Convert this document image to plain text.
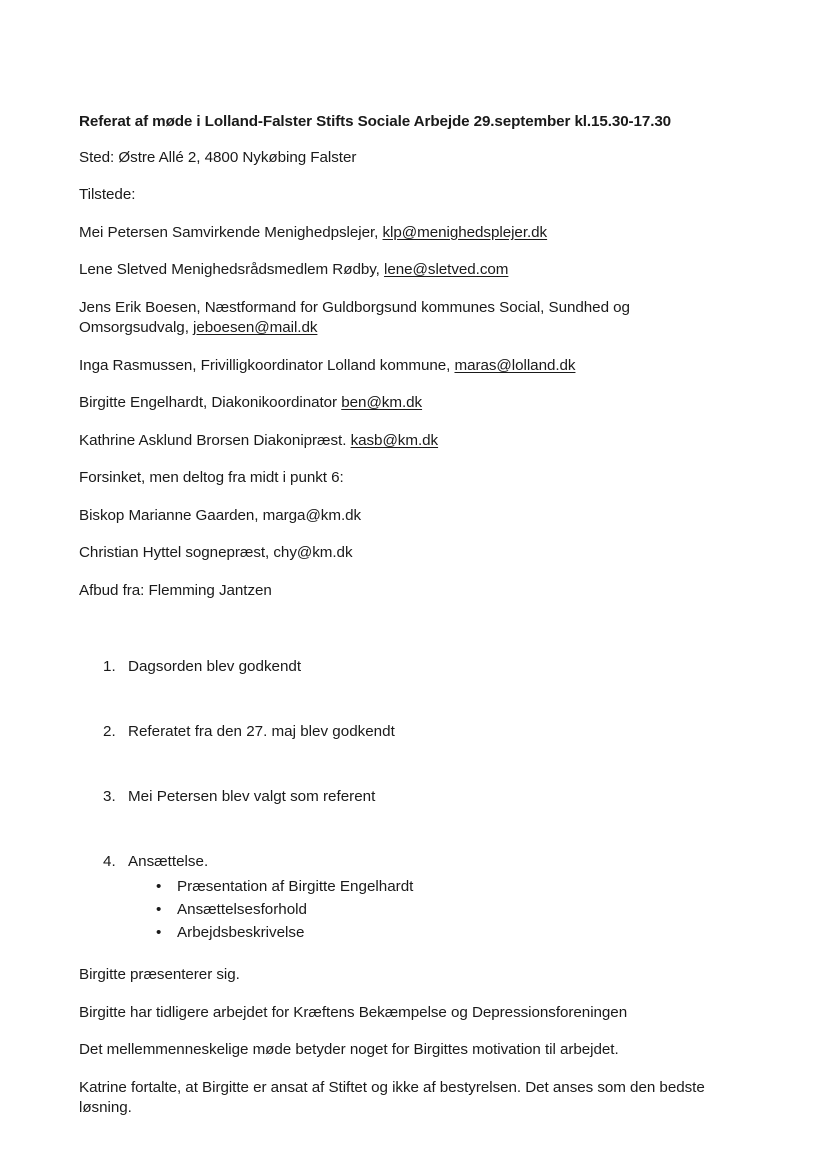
Referat af møde i Lolland-Falster Stifts Sociale Arbejde 29.september kl.15.30-17.30

Sted: Østre Allé 2, 4800 Nykøbing Falster

Tilstede:

Mei Petersen Samvirkende Menighedpslejer, klp@menighedsplejer.dk

Lene Sletved Menighedsrådsmedlem Rødby, lene@sletved.com

Jens Erik Boesen, Næstformand for Guldborgsund kommunes Social, Sundhed og Omsorgsudvalg, jeboesen@mail.dk

Inga Rasmussen, Frivilligkoordinator Lolland kommune, maras@lolland.dk

Birgitte Engelhardt, Diakonikoordinator ben@km.dk

Kathrine Asklund Brorsen Diakonipræst. kasb@km.dk

Forsinket, men deltog fra midt i punkt 6:

Biskop Marianne Gaarden, marga@km.dk

Christian Hyttel sognepræst, chy@km.dk

Afbud fra: Flemming Jantzen

1. Dagsorden blev godkendt
2. Referatet fra den 27. maj blev godkendt
3. Mei Petersen blev valgt som referent
4. Ansættelse.
• Præsentation af Birgitte Engelhardt
• Ansættelsesforhold
• Arbejdsbeskrivelse

Birgitte præsenterer sig.

Birgitte har tidligere arbejdet for Kræftens Bekæmpelse og Depressionsforeningen

Det mellemmenneskelige møde betyder noget for Birgittes motivation til arbejdet.

Katrine fortalte, at Birgitte er ansat af Stiftet og ikke af bestyrelsen. Det anses som den bedste løsning.
